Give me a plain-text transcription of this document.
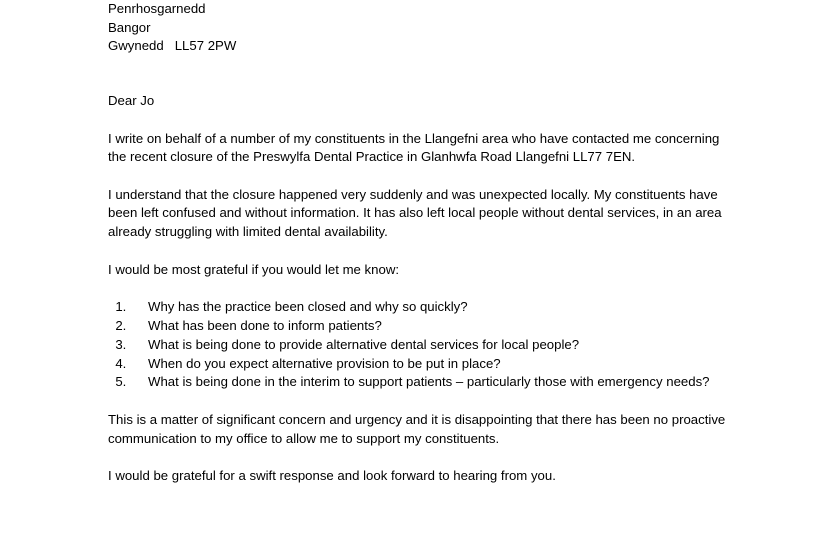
Penrhosgarnedd
Bangor
Gwynedd   LL57 2PW
Dear Jo
I write on behalf of a number of my constituents in the Llangefni area who have contacted me concerning the recent closure of the Preswylfa Dental Practice in Glanhwfa Road Llangefni LL77 7EN.
I understand that the closure happened very suddenly and was unexpected locally. My constituents have been left confused and without information. It has also left local people without dental services, in an area already struggling with limited dental availability.
I would be most grateful if you would let me know:
1. Why has the practice been closed and why so quickly?
2. What has been done to inform patients?
3. What is being done to provide alternative dental services for local people?
4. When do you expect alternative provision to be put in place?
5. What is being done in the interim to support patients – particularly those with emergency needs?
This is a matter of significant concern and urgency and it is disappointing that there has been no proactive communication to my office to allow me to support my constituents.
I would be grateful for a swift response and look forward to hearing from you.
